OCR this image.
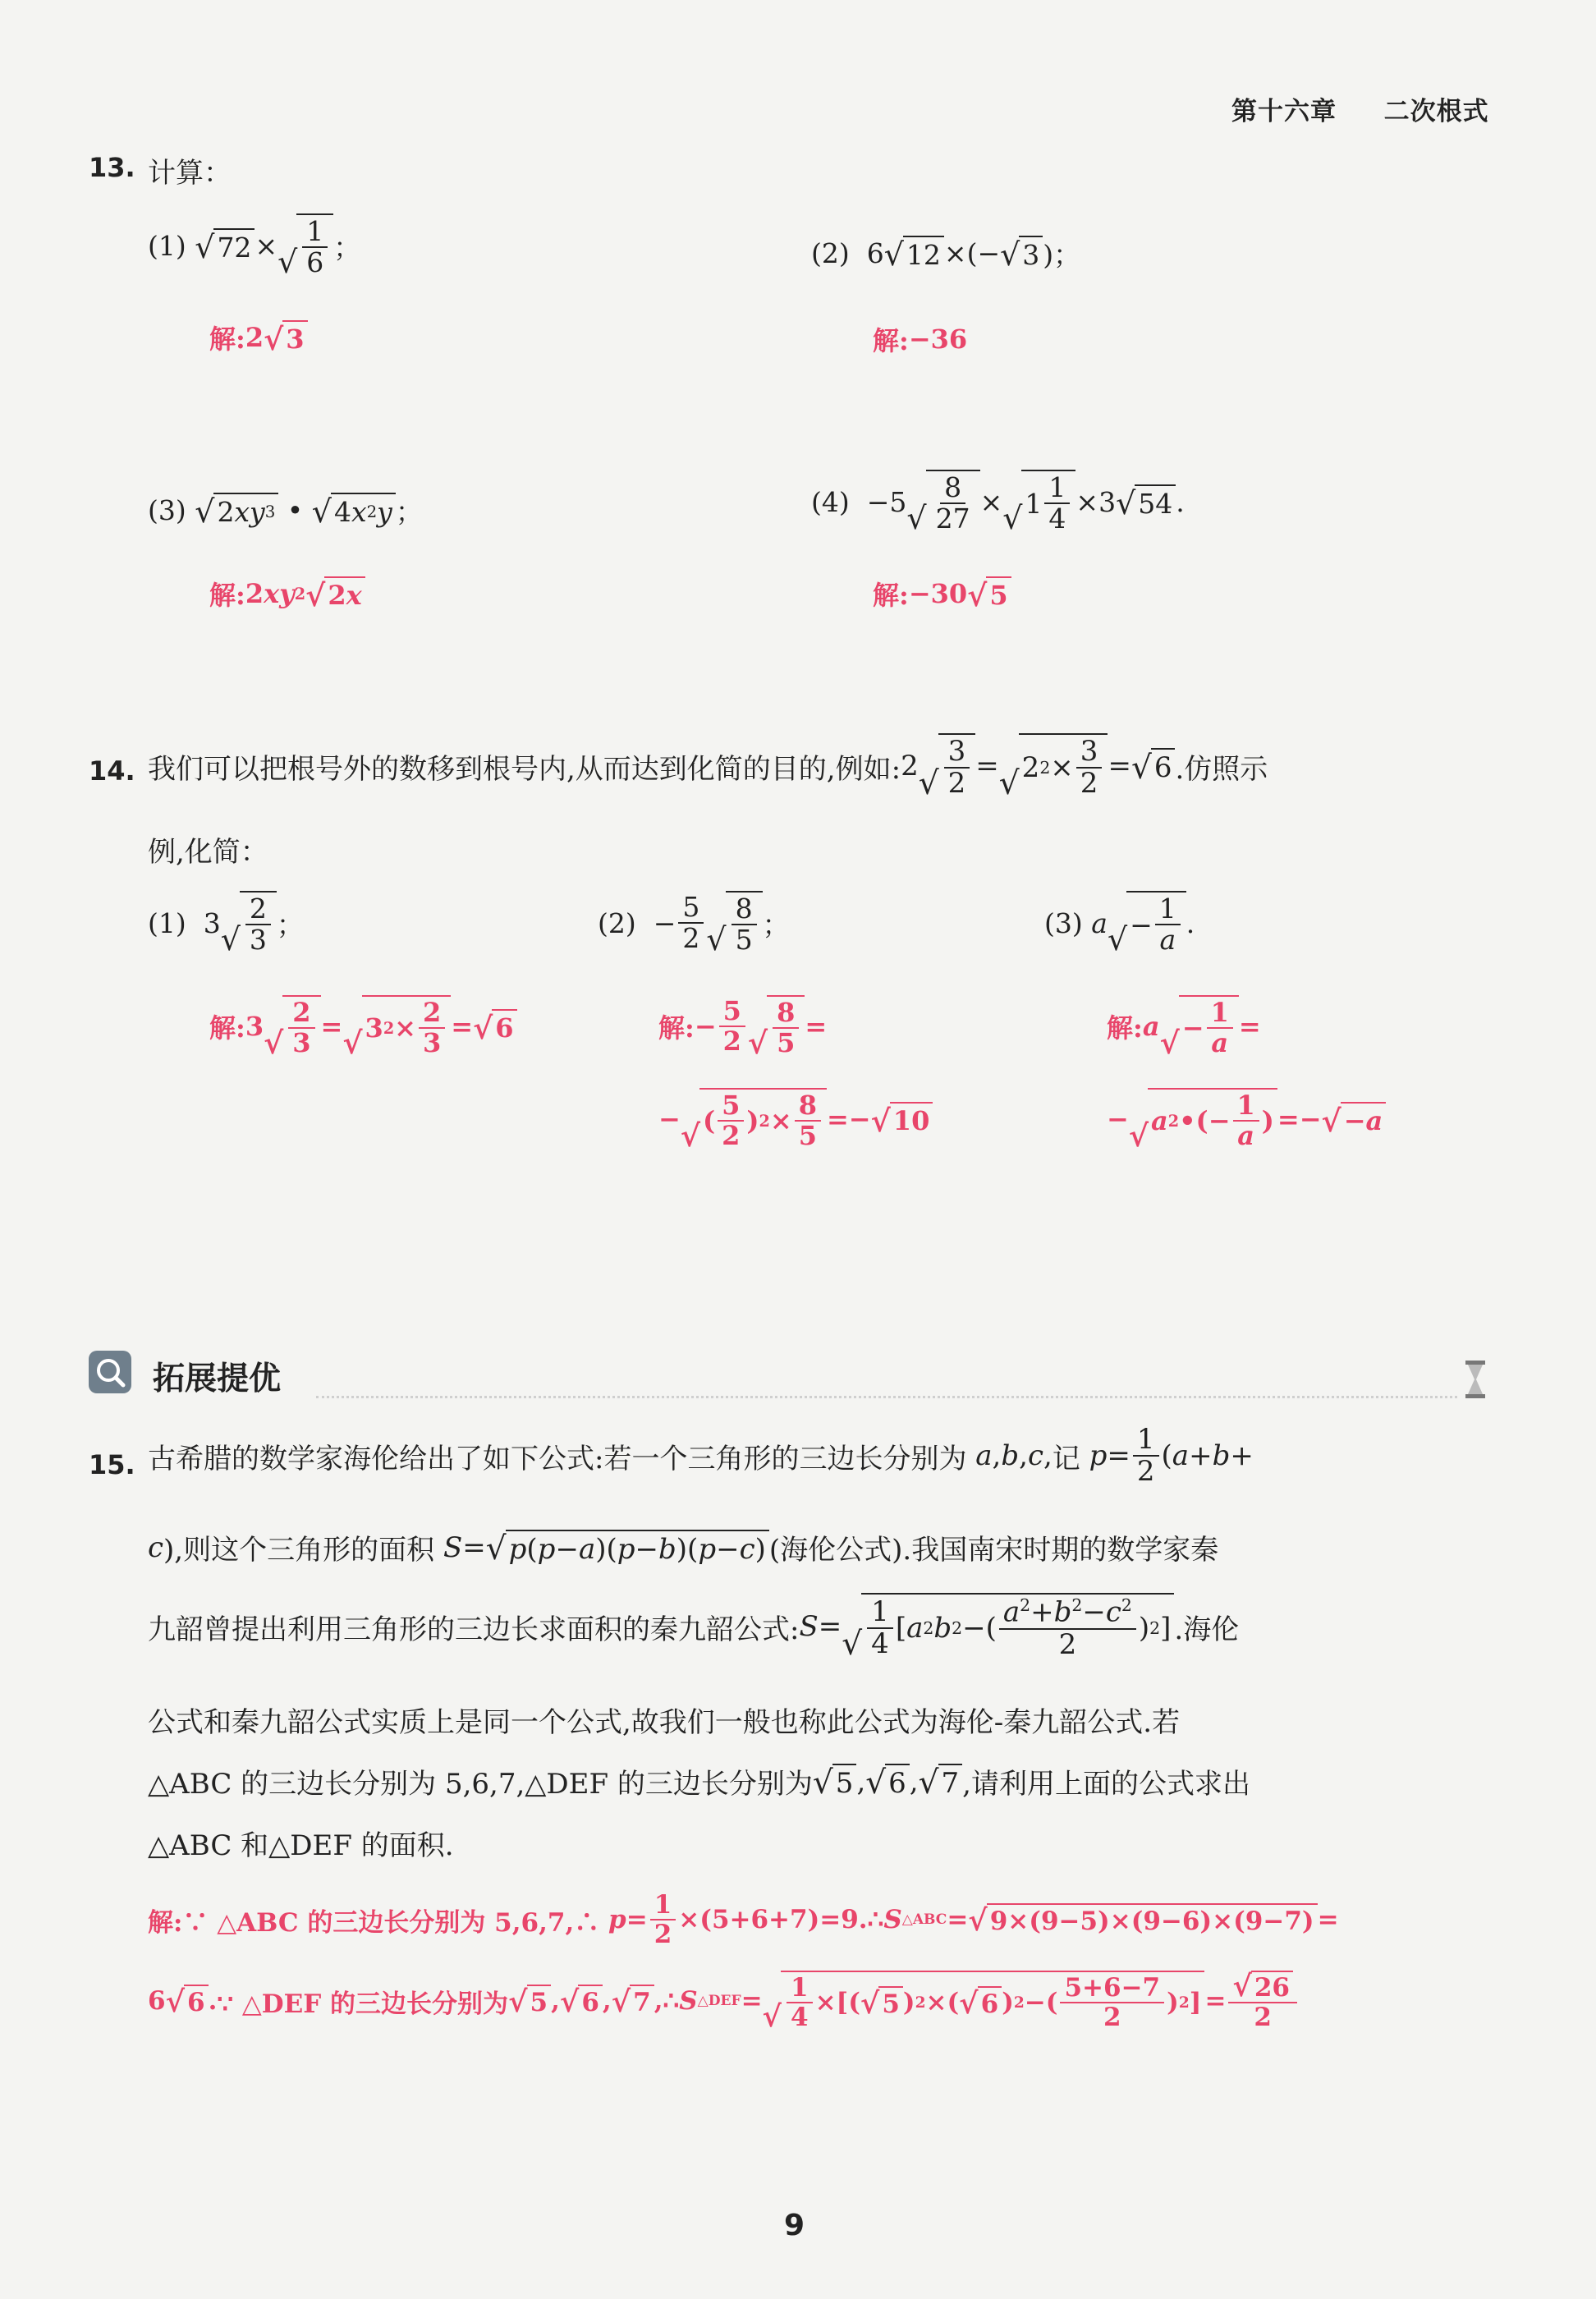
第十六章 二次根式
13. 计算：
(1)
√ 72 × √ $\frac{1}{6}$ ；
解: 2 √ 3
(2) 6 √ 12 ×(− √ 3 )；
解: −36
(3)
√ 2 xy 3 • √ 4 x 2 y ；
解: 2 xy 2 √ 2 x
(4) −5 √ $\frac{8}{27}$ × √ $1 \frac{1}{4} \times 3$ √ 54 .
解: −30 √ 5
14. 我们可以把根号外的数移到根号内,从而达到化简的目的,例如: 2 √ $\frac{3}{2}$ = √ 2 $2 \times \frac{3}{2}$ = √ 6 .仿照示
例,化简：
(1) 3 √ $\frac{2}{3}$ ；
解: 3 √ $\frac{2}{3}$ = √ 3 $2 \times \frac{2}{3}$ = √ 6
$(2) - \frac{5}{2}$ √ $\frac{8}{5}$ ；
解: − $\frac{5}{2}$ √ $\frac{8}{5}$ =
− √ ( $\frac{5}{2}$ ) $2 \times \frac{8}{5}$ =− √ 10
(3)
a √ − $\frac{1}{a}$ .
解: a √ − $\frac{1}{a}$ =
− √ a 2 •(− $\frac{1}{a}$ ) =− √ − a
拓展提优
15. 古希腊的数学家海伦给出了如下公式:若一个三角形的三边长分别为
a , b , c , 记
$p = \frac{1}{2}$ ( a + b +
c ),则这个三角形的面积
S = √ p ( p − a )( p − b )( p − c ) (海伦公式).我国南宋时期的数学家秦
九韶曾提出利用三角形的三边长求面积的秦九韶公式: S = √ $\frac{1}{4}$ [ a 2 b 2 −( $\frac{a^2+b^2-c^2}{2}$ ) 2 ] .海伦
公式和秦九韶公式实质上是同一个公式,故我们一般也称此公式为海伦-秦九韶公式.若
△ABC 的三边长分别为 5,6,7,△DEF 的三边长分别为 √ 5 , √ 6 , √ 7 ,请利用上面的公式求出
△ABC 和△DEF 的面积.
解:∵ △ABC 的三边长分别为 5,6,7,∴
$p = \frac{1}{2}$ ×(5+6+7)=9.∴ S △ABC = √ 9×(9−5)×(9−6)×(9−7) =
6 √ 6 . ∵ △DEF 的三边长分别为 √ 5 , √ 6 , √ 7 ,∴ S △DEF = √ $\frac{1}{4}$ ×[( √ 5 ) 2 ×( √ 6 ) 2 −( $\frac{5+6-7}{2}$ ) 2 ] = $\frac{√ 26}{2}$
9
